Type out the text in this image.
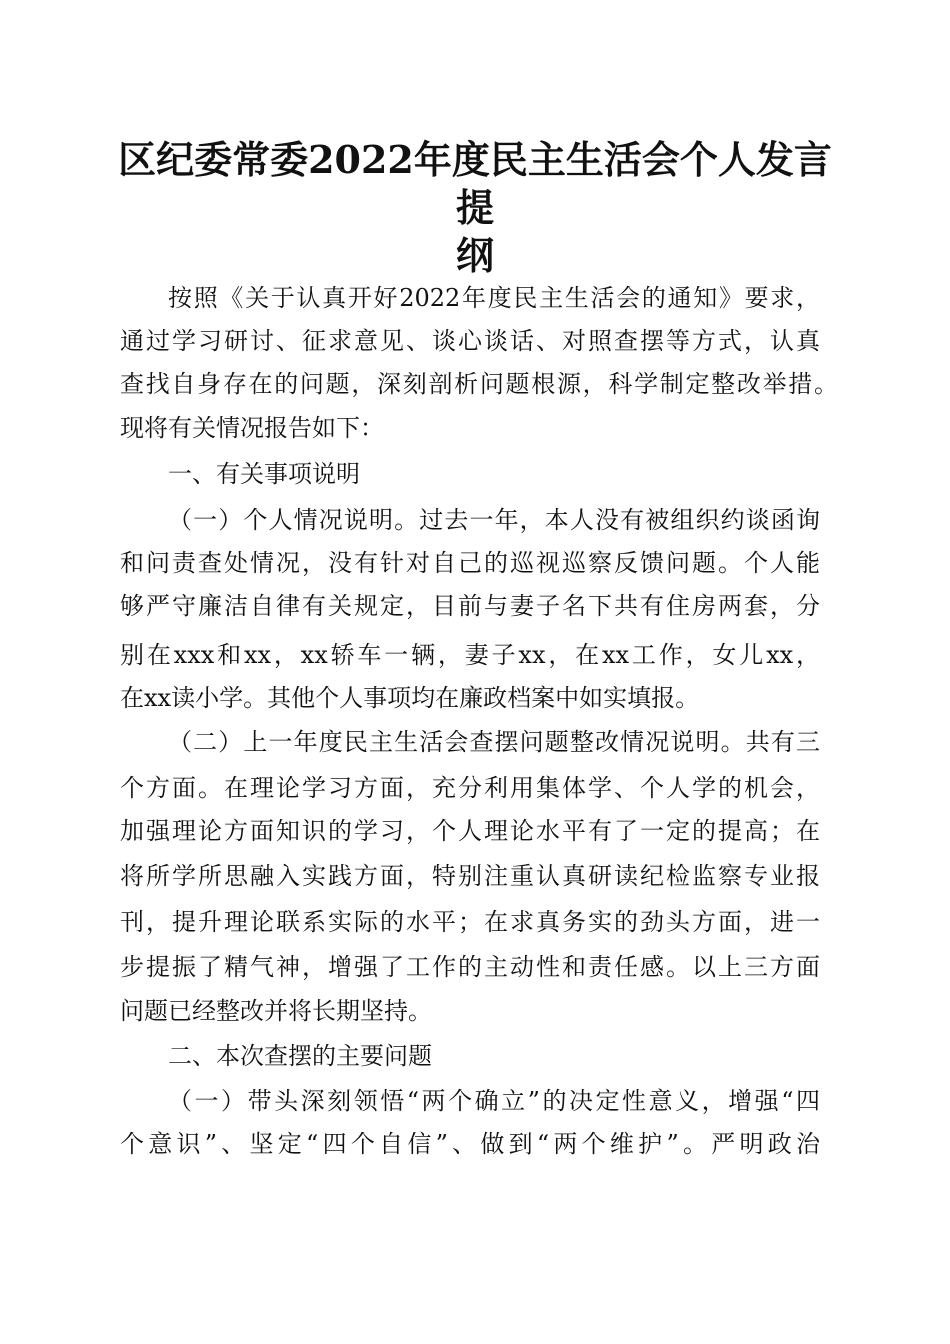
区纪委常委2022年度民主生活会个人发言提
纲
按照《关于认真开好2022年度民主生活会的通知》要求，
通过学习研讨、征求意见、谈心谈话、对照查摆等方式，认真
查找自身存在的问题，深刻剖析问题根源，科学制定整改举措。
现将有关情况报告如下：
一、有关事项说明
（一）个人情况说明。过去一年，本人没有被组织约谈函询
和问责查处情况，没有针对自己的巡视巡察反馈问题。个人能
够严守廉洁自律有关规定，目前与妻子名下共有住房两套，分
别在xxx和xx，xx轿车一辆，妻子xx，在xx工作，女儿xx，
在xx读小学。其他个人事项均在廉政档案中如实填报。
（二）上一年度民主生活会查摆问题整改情况说明。共有三
个方面。在理论学习方面，充分利用集体学、个人学的机会，
加强理论方面知识的学习，个人理论水平有了一定的提高；在
将所学所思融入实践方面，特别注重认真研读纪检监察专业报
刊，提升理论联系实际的水平；在求真务实的劲头方面，进一
步提振了精气神，增强了工作的主动性和责任感。以上三方面
问题已经整改并将长期坚持。
二、本次查摆的主要问题
（一）带头深刻领悟“两个确立”的决定性意义，增强“四
个意识”、坚定“四个自信”、做到“两个维护”。严明政治
